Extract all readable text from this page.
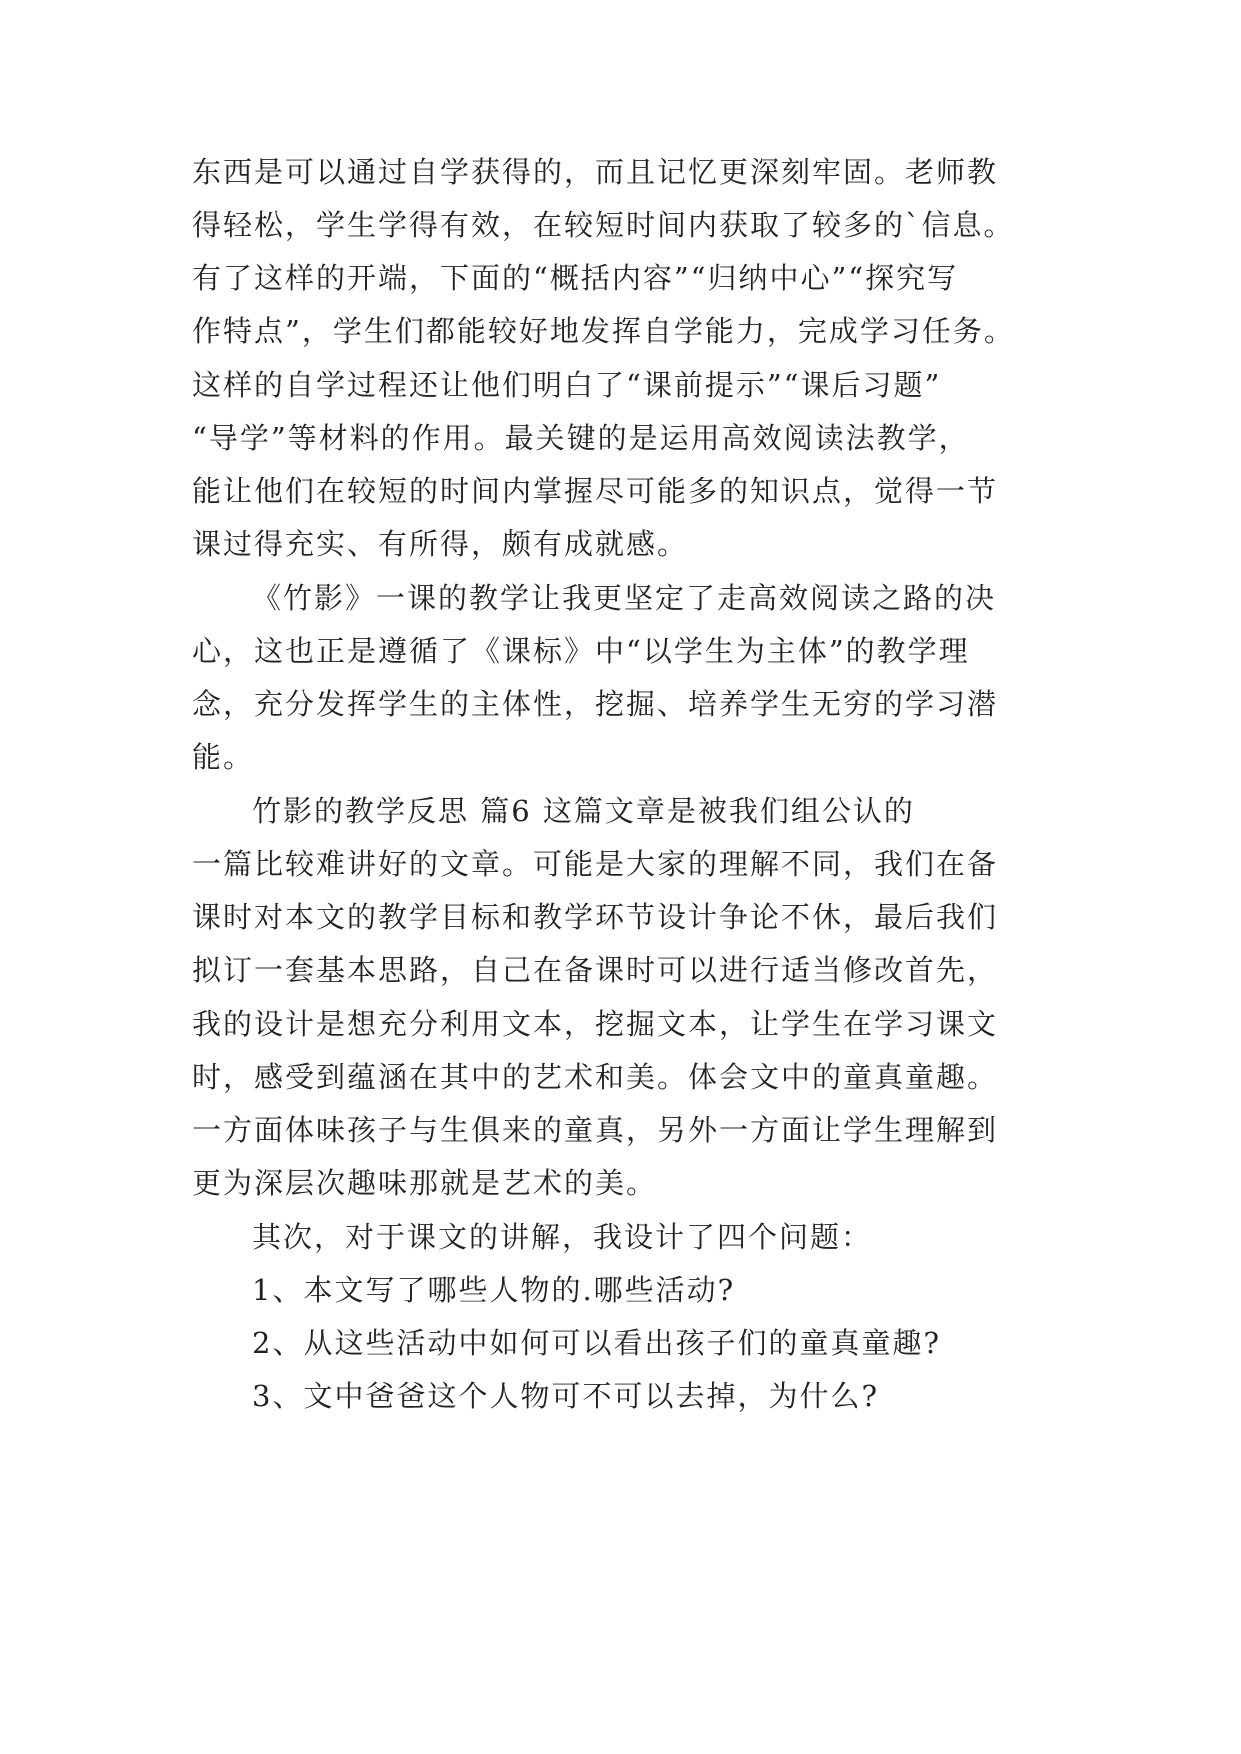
东西是可以通过自学获得的，而且记忆更深刻牢固。老师教

得轻松，学生学得有效，在较短时间内获取了较多的`信息。

有了这样的开端，下面的“概括内容”“归纳中心”“探究写

作特点”，学生们都能较好地发挥自学能力，完成学习任务。

这样的自学过程还让他们明白了“课前提示”“课后习题”

“导学”等材料的作用。最关键的是运用高效阅读法教学，

能让他们在较短的时间内掌握尽可能多的知识点，觉得一节

课过得充实、有所得，颇有成就感。

《竹影》一课的教学让我更坚定了走高效阅读之路的决

心，这也正是遵循了《课标》中“以学生为主体”的教学理

念，充分发挥学生的主体性，挖掘、培养学生无穷的学习潜

能。

竹影的教学反思 篇6 这篇文章是被我们组公认的

一篇比较难讲好的文章。可能是大家的理解不同，我们在备

课时对本文的教学目标和教学环节设计争论不休，最后我们

拟订一套基本思路，自己在备课时可以进行适当修改首先，

我的设计是想充分利用文本，挖掘文本，让学生在学习课文

时，感受到蕴涵在其中的艺术和美。体会文中的童真童趣。

一方面体味孩子与生俱来的童真，另外一方面让学生理解到

更为深层次趣味那就是艺术的美。

其次，对于课文的讲解，我设计了四个问题：

1、本文写了哪些人物的.哪些活动?

2、从这些活动中如何可以看出孩子们的童真童趣?

3、文中爸爸这个人物可不可以去掉，为什么?
